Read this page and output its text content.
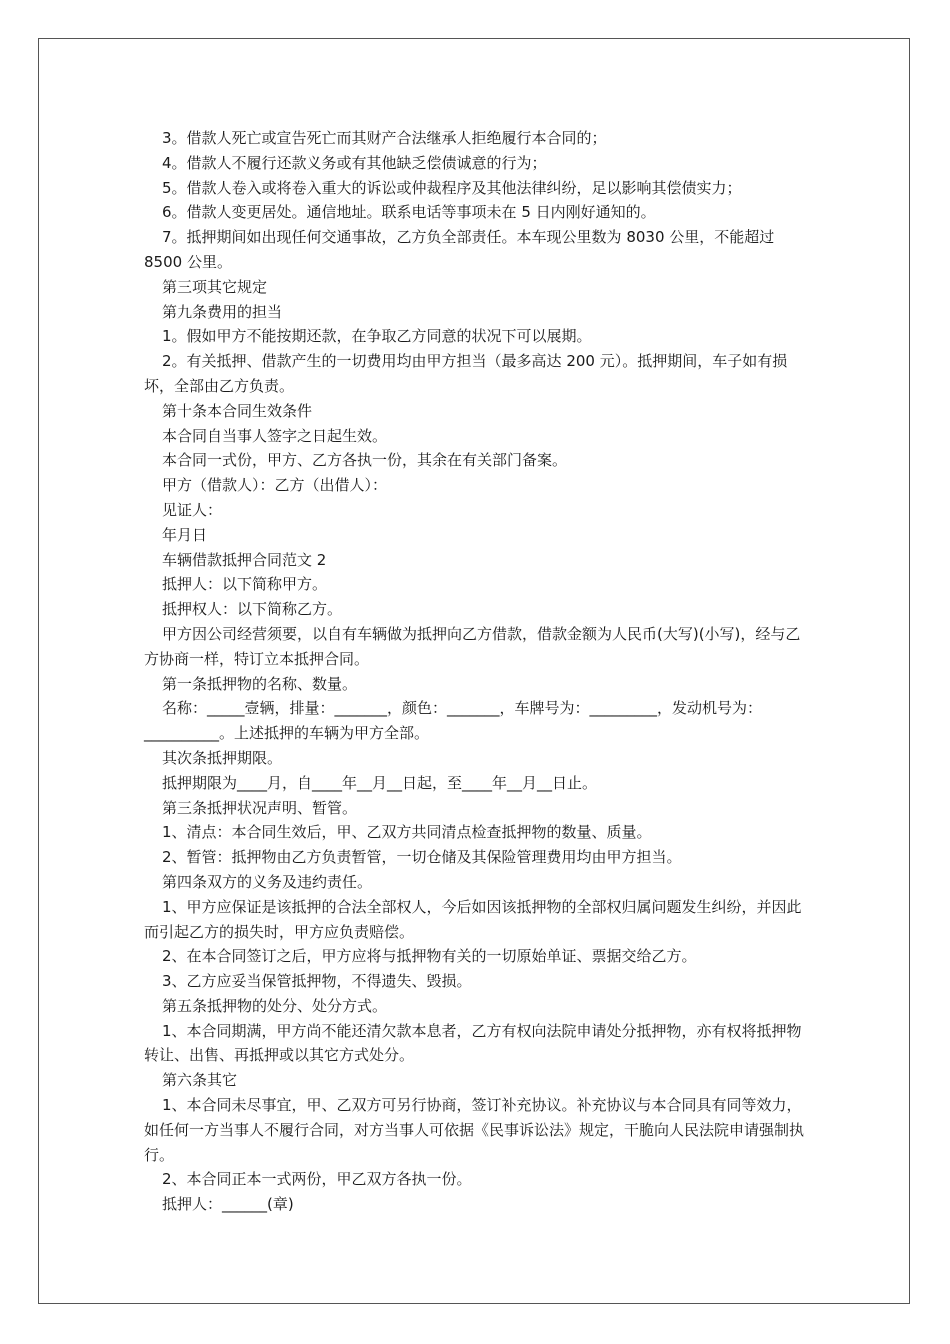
3。借款人死亡或宣告死亡而其财产合法继承人拒绝履行本合同的；

4。借款人不履行还款义务或有其他缺乏偿债诚意的行为；

5。借款人卷入或将卷入重大的诉讼或仲裁程序及其他法律纠纷，足以影响其偿债实力；

6。借款人变更居处。通信地址。联系电话等事项未在 5 日内刚好通知的。

7。抵押期间如出现任何交通事故，乙方负全部责任。本车现公里数为 8030 公里，不能超过 8500 公里。

第三项其它规定

第九条费用的担当

1。假如甲方不能按期还款，在争取乙方同意的状况下可以展期。

2。有关抵押、借款产生的一切费用均由甲方担当（最多高达 200 元）。抵押期间，车子如有损坏，全部由乙方负责。

第十条本合同生效条件

本合同自当事人签字之日起生效。

本合同一式份，甲方、乙方各执一份，其余在有关部门备案。

甲方（借款人）：乙方（出借人）：

见证人：

年月日

车辆借款抵押合同范文 2

抵押人：以下简称甲方。

抵押权人：以下简称乙方。

甲方因公司经营须要，以自有车辆做为抵押向乙方借款，借款金额为人民币(大写)(小写)，经与乙方协商一样，特订立本抵押合同。

第一条抵押物的名称、数量。

名称：_____壹辆，排量：_______，颜色：_______，车牌号为：_________，发动机号为：__________。上述抵押的车辆为甲方全部。

其次条抵押期限。

抵押期限为____月，自____年__月__日起，至____年__月__日止。

第三条抵押状况声明、暂管。

1、清点：本合同生效后，甲、乙双方共同清点检查抵押物的数量、质量。

2、暂管：抵押物由乙方负责暂管，一切仓储及其保险管理费用均由甲方担当。

第四条双方的义务及违约责任。

1、甲方应保证是该抵押的合法全部权人，今后如因该抵押物的全部权归属问题发生纠纷，并因此而引起乙方的损失时，甲方应负责赔偿。

2、在本合同签订之后，甲方应将与抵押物有关的一切原始单证、票据交给乙方。

3、乙方应妥当保管抵押物，不得遗失、毁损。

第五条抵押物的处分、处分方式。

1、本合同期满，甲方尚不能还清欠款本息者，乙方有权向法院申请处分抵押物，亦有权将抵押物转让、出售、再抵押或以其它方式处分。

第六条其它

1、本合同未尽事宜，甲、乙双方可另行协商，签订补充协议。补充协议与本合同具有同等效力，如任何一方当事人不履行合同，对方当事人可依据《民事诉讼法》规定，干脆向人民法院申请强制执行。

2、本合同正本一式两份，甲乙双方各执一份。

抵押人：______(章)
